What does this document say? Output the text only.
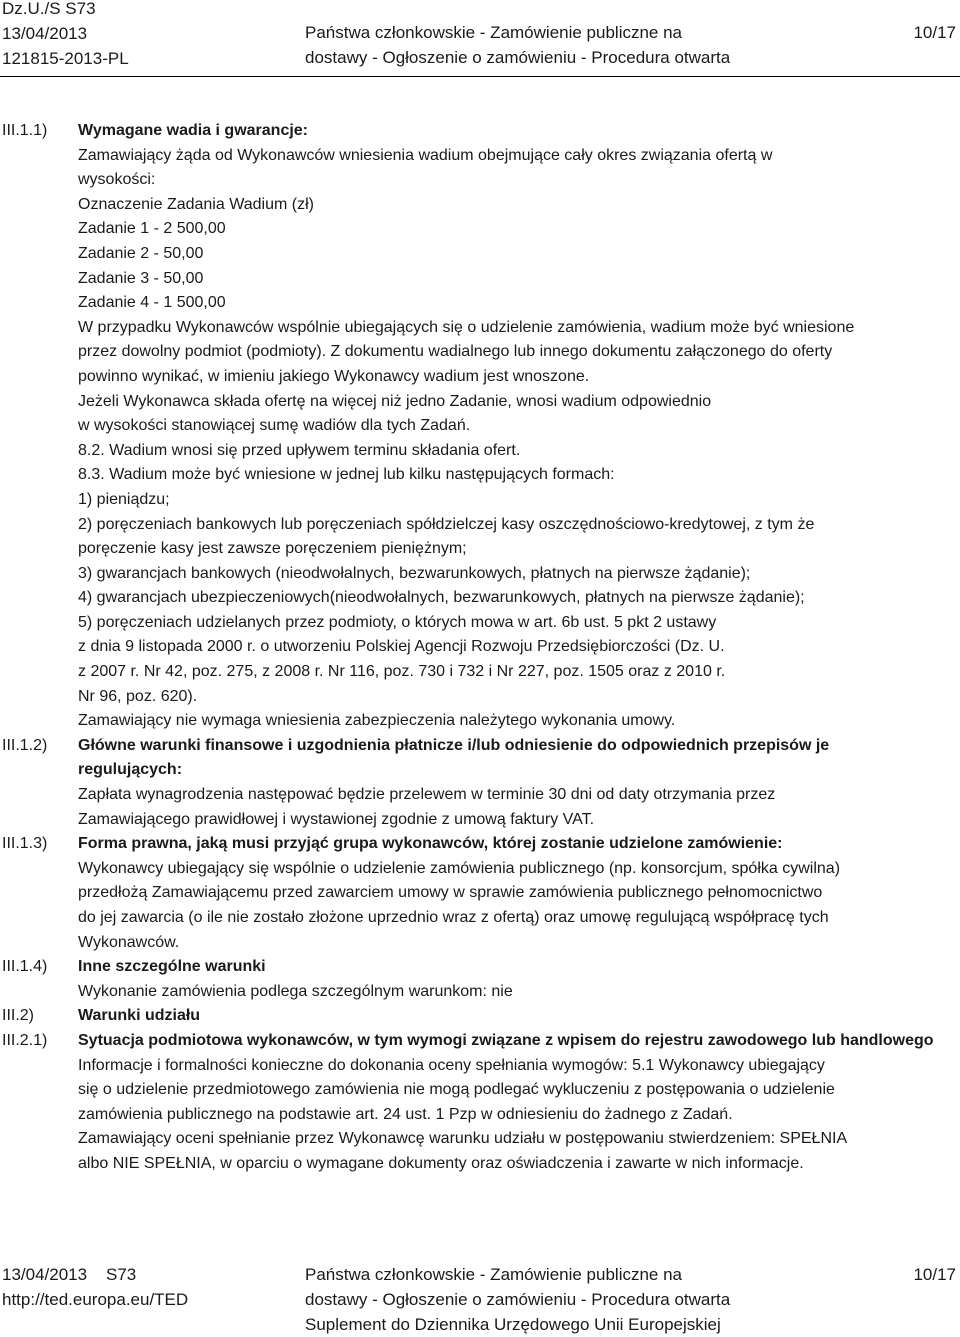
Dz.U./S S73
13/04/2013
121815-2013-PL
Państwa członkowskie - Zamówienie publiczne na
dostawy - Ogłoszenie o zamówieniu - Procedura otwarta
10/17
III.1.1)	Wymagane wadia i gwarancje:
Zamawiający żąda od Wykonawców wniesienia wadium obejmujące cały okres związania ofertą w
wysokości:
Oznaczenie Zadania Wadium (zł)
Zadanie 1 - 2 500,00
Zadanie 2 - 50,00
Zadanie 3 - 50,00
Zadanie 4 - 1 500,00
W przypadku Wykonawców wspólnie ubiegających się o udzielenie zamówienia, wadium może być wniesione
przez dowolny podmiot (podmioty). Z dokumentu wadialnego lub innego dokumentu załączonego do oferty
powinno wynikać, w imieniu jakiego Wykonawcy wadium jest wnoszone.
Jeżeli Wykonawca składa ofertę na więcej niż jedno Zadanie, wnosi wadium odpowiednio
w wysokości stanowiącej sumę wadiów dla tych Zadań.
8.2. Wadium wnosi się przed upływem terminu składania ofert.
8.3. Wadium może być wniesione w jednej lub kilku następujących formach:
1) pieniądzu;
2) poręczeniach bankowych lub poręczeniach spółdzielczej kasy oszczędnościowo-kredytowej, z tym że
poręczenie kasy jest zawsze poręczeniem pieniężnym;
3) gwarancjach bankowych (nieodwołalnych, bezwarunkowych, płatnych na pierwsze żądanie);
4) gwarancjach ubezpieczeniowych(nieodwołalnych, bezwarunkowych, płatnych na pierwsze żądanie);
5) poręczeniach udzielanych przez podmioty, o których mowa w art. 6b ust. 5 pkt 2 ustawy
z dnia 9 listopada 2000 r. o utworzeniu Polskiej Agencji Rozwoju Przedsiębiorczości (Dz. U.
z 2007 r. Nr 42, poz. 275, z 2008 r. Nr 116, poz. 730 i 732 i Nr 227, poz. 1505 oraz z 2010 r.
Nr 96, poz. 620).
Zamawiający nie wymaga wniesienia zabezpieczenia należytego wykonania umowy.
III.1.2)	Główne warunki finansowe i uzgodnienia płatnicze i/lub odniesienie do odpowiednich przepisów je regulujących:
Zapłata wynagrodzenia następować będzie przelewem w terminie 30 dni od daty otrzymania przez
Zamawiającego prawidłowej i wystawionej zgodnie z umową faktury VAT.
III.1.3)	Forma prawna, jaką musi przyjąć grupa wykonawców, której zostanie udzielone zamówienie:
Wykonawcy ubiegający się wspólnie o udzielenie zamówienia publicznego (np. konsorcjum, spółka cywilna)
przedłożą Zamawiającemu przed zawarciem umowy w sprawie zamówienia publicznego pełnomocnictwo
do jej zawarcia (o ile nie zostało złożone uprzednio wraz z ofertą) oraz umowę regulującą współpracę tych
Wykonawców.
III.1.4)	Inne szczególne warunki
Wykonanie zamówienia podlega szczególnym warunkom: nie
III.2)	Warunki udziału
III.2.1)	Sytuacja podmiotowa wykonawców, w tym wymogi związane z wpisem do rejestru zawodowego lub handlowego
Informacje i formalności konieczne do dokonania oceny spełniania wymogów: 5.1 Wykonawcy ubiegający
się o udzielenie przedmiotowego zamówienia nie mogą podlegać wykluczeniu z postępowania o udzielenie
zamówienia publicznego na podstawie art. 24 ust. 1 Pzp w odniesieniu do żadnego z Zadań.
Zamawiający oceni spełnianie przez Wykonawcę warunku udziału w postępowaniu stwierdzeniem: SPEŁNIA
albo NIE SPEŁNIA, w oparciu o wymagane dokumenty oraz oświadczenia i zawarte w nich informacje.
13/04/2013    S73
http://ted.europa.eu/TED
Państwa członkowskie - Zamówienie publiczne na
dostawy - Ogłoszenie o zamówieniu - Procedura otwarta
Suplement do Dziennika Urzędowego Unii Europejskiej
10/17
